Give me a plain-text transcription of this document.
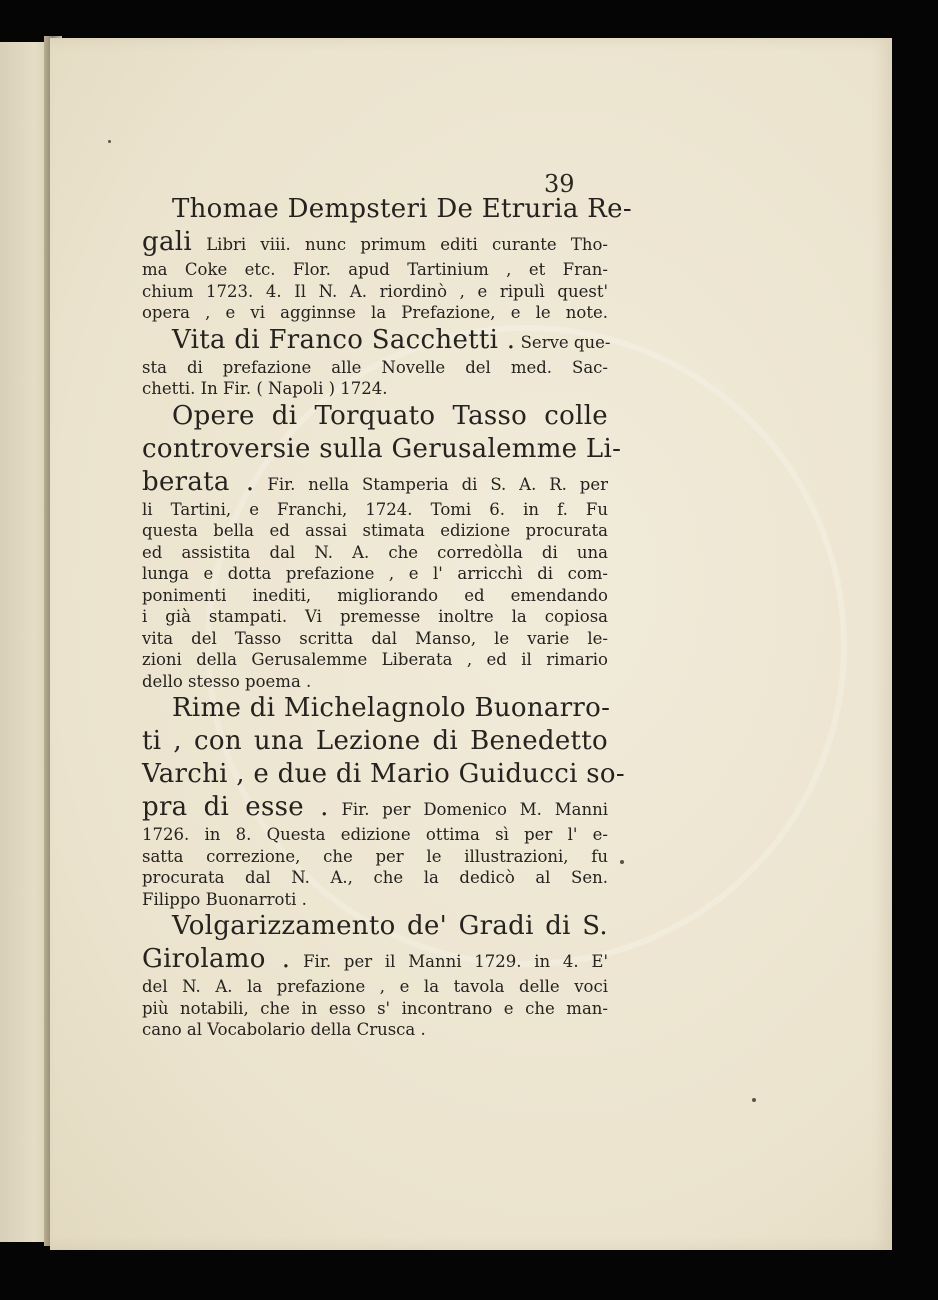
39
Thomae Dempsteri De Etruria Re-
gali Libri viii. nunc primum editi curante Tho-
ma Coke etc. Flor. apud Tartinium , et Fran-
chium 1723. 4. Il N. A. riordinò , e ripulì quest'
opera , e vi agginnse la Prefazione, e le note.
Vita di Franco Sacchetti . Serve que-
sta di prefazione alle Novelle del med. Sac-
chetti. In Fir. ( Napoli ) 1724.
Opere di Torquato Tasso colle
controversie sulla Gerusalemme Li-
berata . Fir. nella Stamperia di S. A. R. per
li Tartini, e Franchi, 1724. Tomi 6. in f. Fu
questa bella ed assai stimata edizione procurata
ed assistita dal N. A. che corredòlla di una
lunga e dotta prefazione , e l' arricchì di com-
ponimenti inediti, migliorando ed emendando
i già stampati. Vi premesse inoltre la copiosa
vita del Tasso scritta dal Manso, le varie le-
zioni della Gerusalemme Liberata , ed il rimario
dello stesso poema .
Rime di Michelagnolo Buonarro-
ti , con una Lezione di Benedetto
Varchi , e due di Mario Guiducci so-
pra di esse . Fir. per Domenico M. Manni
1726. in 8. Questa edizione ottima sì per l' e-
satta correzione, che per le illustrazioni, fu
procurata dal N. A., che la dedicò al Sen.
Filippo Buonarroti .
Volgarizzamento de' Gradi di S.
Girolamo . Fir. per il Manni 1729. in 4. E'
del N. A. la prefazione , e la tavola delle voci
più notabili, che in esso s' incontrano e che man-
cano al Vocabolario della Crusca .
